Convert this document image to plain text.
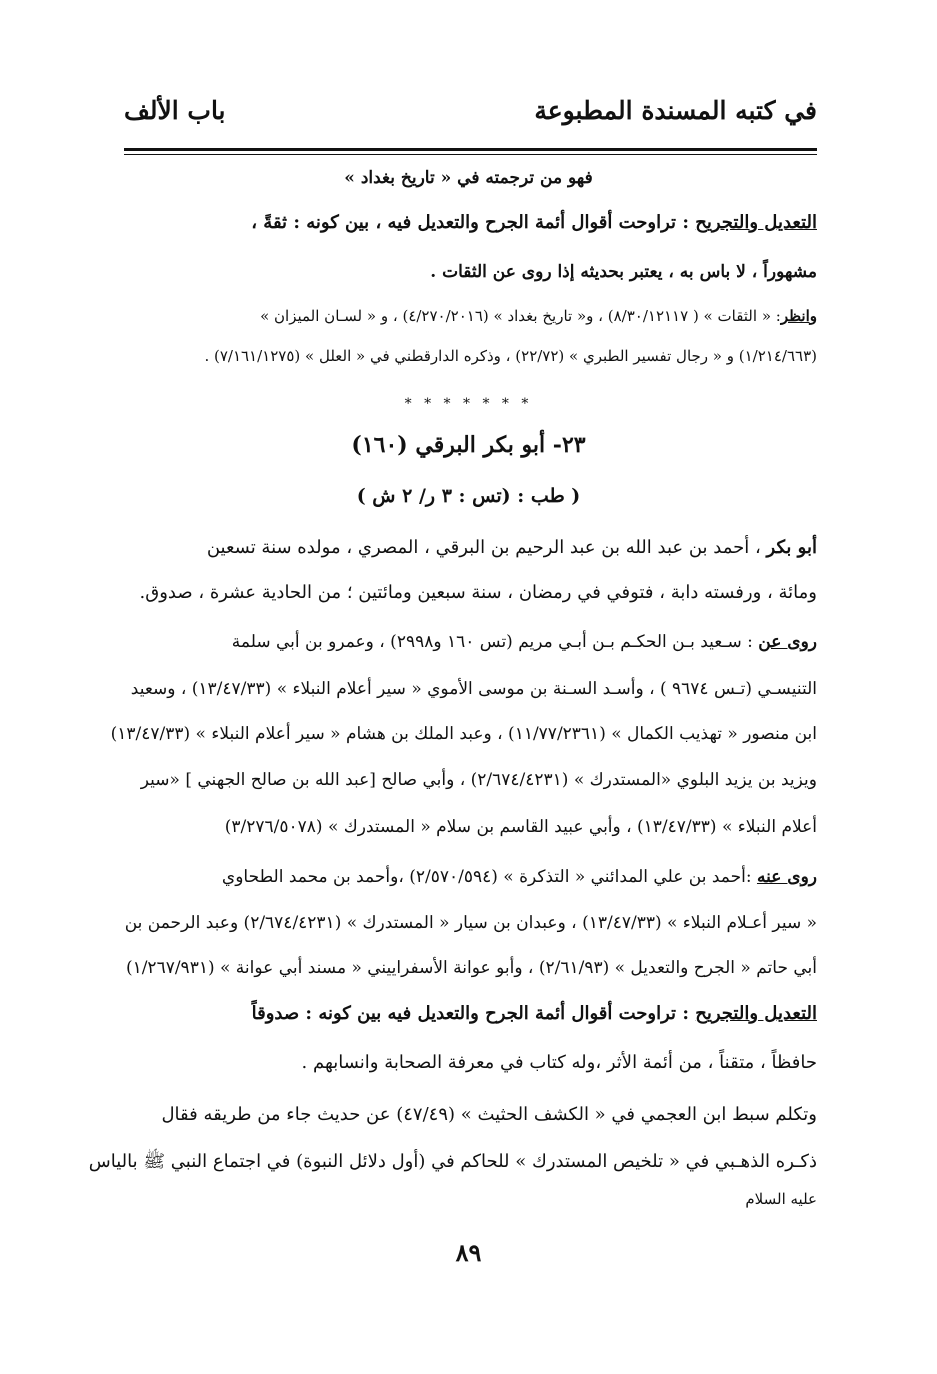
في كتبه المسندة المطبوعة
باب الألف
فهو من ترجمته في « تاريخ بغداد »
التعديل والتجريح : تراوحت أقوال أئمة الجرح والتعديل فيه ، بين كونه : ثقةً ،
مشهوراً ، لا باس به ، يعتبر بحديثه إذا روى عن الثقات .
وانظر: « الثقات » ( ٨/٣٠/١٢١١٧) ، و« تاريخ بغداد » (٤/٢٧٠/٢٠١٦) ، و « لسـان الميزان »
(١/٢١٤/٦٦٣) و « رجال تفسير الطبري » (٢٢/٧٢) ، وذكره الدارقطني في « العلل » (٧/١٦١/١٢٧٥) .
* * * * * * *
٢٣- أبو بكر البرقي (١٦٠)
( طب : (تس : ٣ ر/ ٢ ش )
أبو بكر ، أحمد بن عبد الله بن عبد الرحيم بن البرقي ، المصري ، مولده سنة تسعين
ومائة ، ورفسته دابة ، فتوفي في رمضان ، سنة سبعين ومائتين ؛ من الحادية عشرة ، صدوق.
روى عن : سـعيد بـن الحكـم بـن أبـي مريم (تس ١٦٠ و٢٩٩٨) ، وعمرو بن أبي سلمة
التنيسـي (تـس ٩٦٧٤ ) ، وأسـد السـنة بن موسى الأموي « سير أعلام النبلاء » (١٣/٤٧/٣٣) ، وسعيد
ابن منصور « تهذيب الكمال » (١١/٧٧/٢٣٦١) ، وعبد الملك بن هشام « سير أعلام النبلاء » (١٣/٤٧/٣٣)
ويزيد بن يزيد البلوي «المستدرك » (٢/٦٧٤/٤٢٣١) ، وأبي صالح [عبد الله بن صالح الجهني ] «سير
أعلام النبلاء » (١٣/٤٧/٣٣) ، وأبي عبيد القاسم بن سلام « المستدرك » (٣/٢٧٦/٥٠٧٨)
روى عنه :أحمد بن علي المدائني « التذكرة » (٢/٥٧٠/٥٩٤) ،وأحمد بن محمد الطحاوي
« سير أعـلام النبلاء » (١٣/٤٧/٣٣) ، وعبدان بن سيار « المستدرك » (٢/٦٧٤/٤٢٣١) وعبد الرحمن بن
أبي حاتم « الجرح والتعديل » (٢/٦١/٩٣) ، وأبو عوانة الأسفراييني « مسند أبي عوانة » (١/٢٦٧/٩٣١)
التعديل والتجريح : تراوحت أقوال أئمة الجرح والتعديل فيه بين كونه : صدوقاً
حافظاً ، متقناً ، من أئمة الأثر ،وله كتاب في معرفة الصحابة وانسابهم .
وتكلم سبط ابن العجمي في « الكشف الحثيث » (٤٧/٤٩) عن حديث جاء من طريقه فقال
ذكـره الذهـبي في « تلخيص المستدرك » للحاكم في (أول دلائل النبوة) في اجتماع النبي ﷺ بالياس
عليه السلام
٨٩
